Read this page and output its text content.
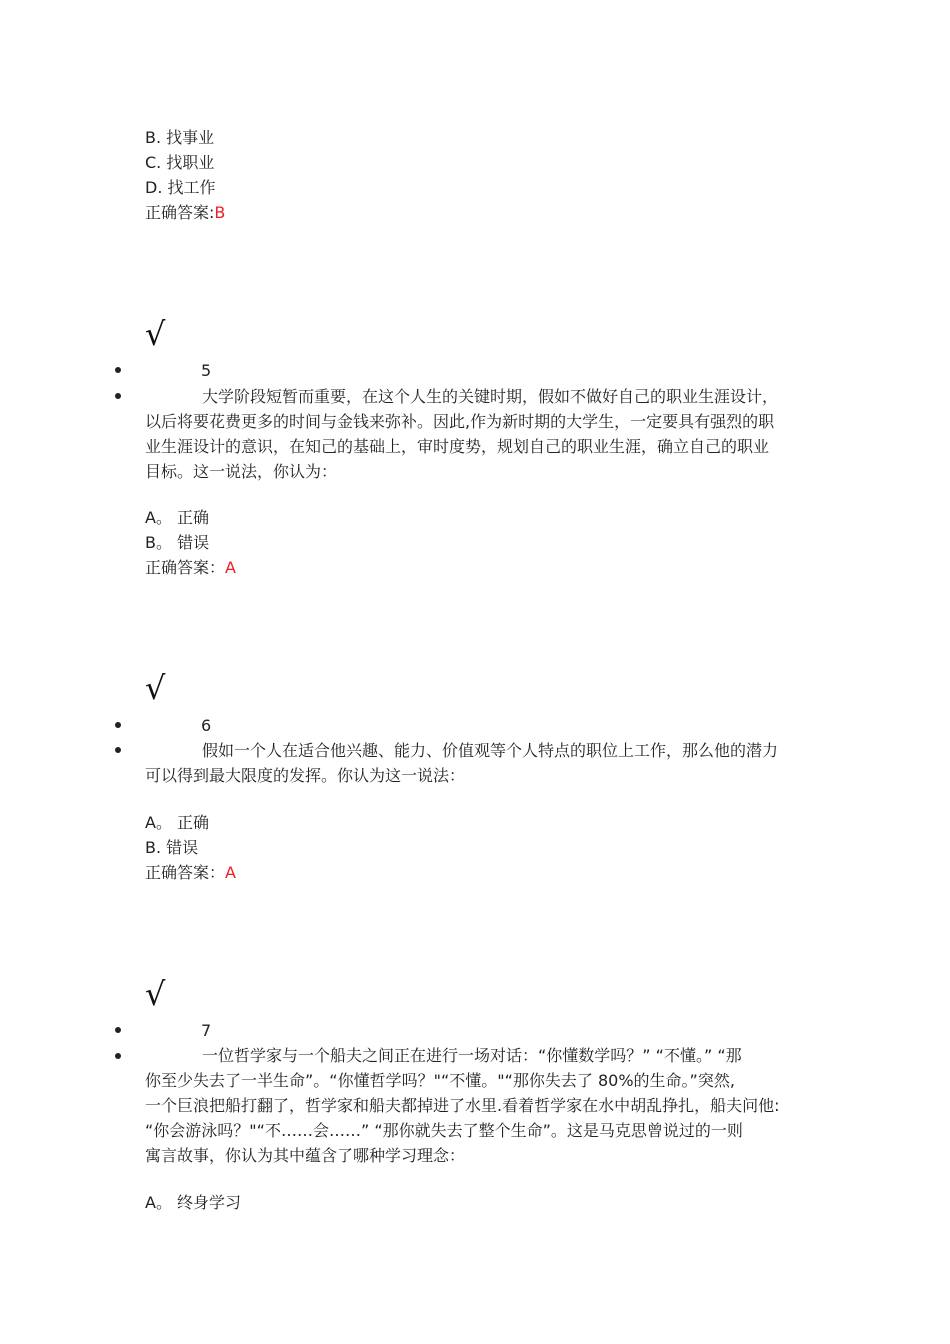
B. 找事业
C. 找职业
D. 找工作
正确答案:B
√
5
大学阶段短暂而重要，在这个人生的关键时期，假如不做好自己的职业生涯设计，
以后将要花费更多的时间与金钱来弥补。因此,作为新时期的大学生，一定要具有强烈的职
业生涯设计的意识，在知己的基础上，审时度势，规划自己的职业生涯，确立自己的职业
目标。这一说法，你认为：
A。 正确
B。 错误
正确答案：A
√
6
假如一个人在适合他兴趣、能力、价值观等个人特点的职位上工作，那么他的潜力
可以得到最大限度的发挥。你认为这一说法：
A。 正确
B. 错误
正确答案：A
√
7
一位哲学家与一个船夫之间正在进行一场对话：“你懂数学吗？” “不懂。” “那
你至少失去了一半生命”。“你懂哲学吗？"“不懂。"“那你失去了 80%的生命。”突然,
一个巨浪把船打翻了，哲学家和船夫都掉进了水里.看着哲学家在水中胡乱挣扎，船夫问他:
“你会游泳吗？"“不……会……” “那你就失去了整个生命”。这是马克思曾说过的一则
寓言故事，你认为其中蕴含了哪种学习理念：
A。 终身学习
